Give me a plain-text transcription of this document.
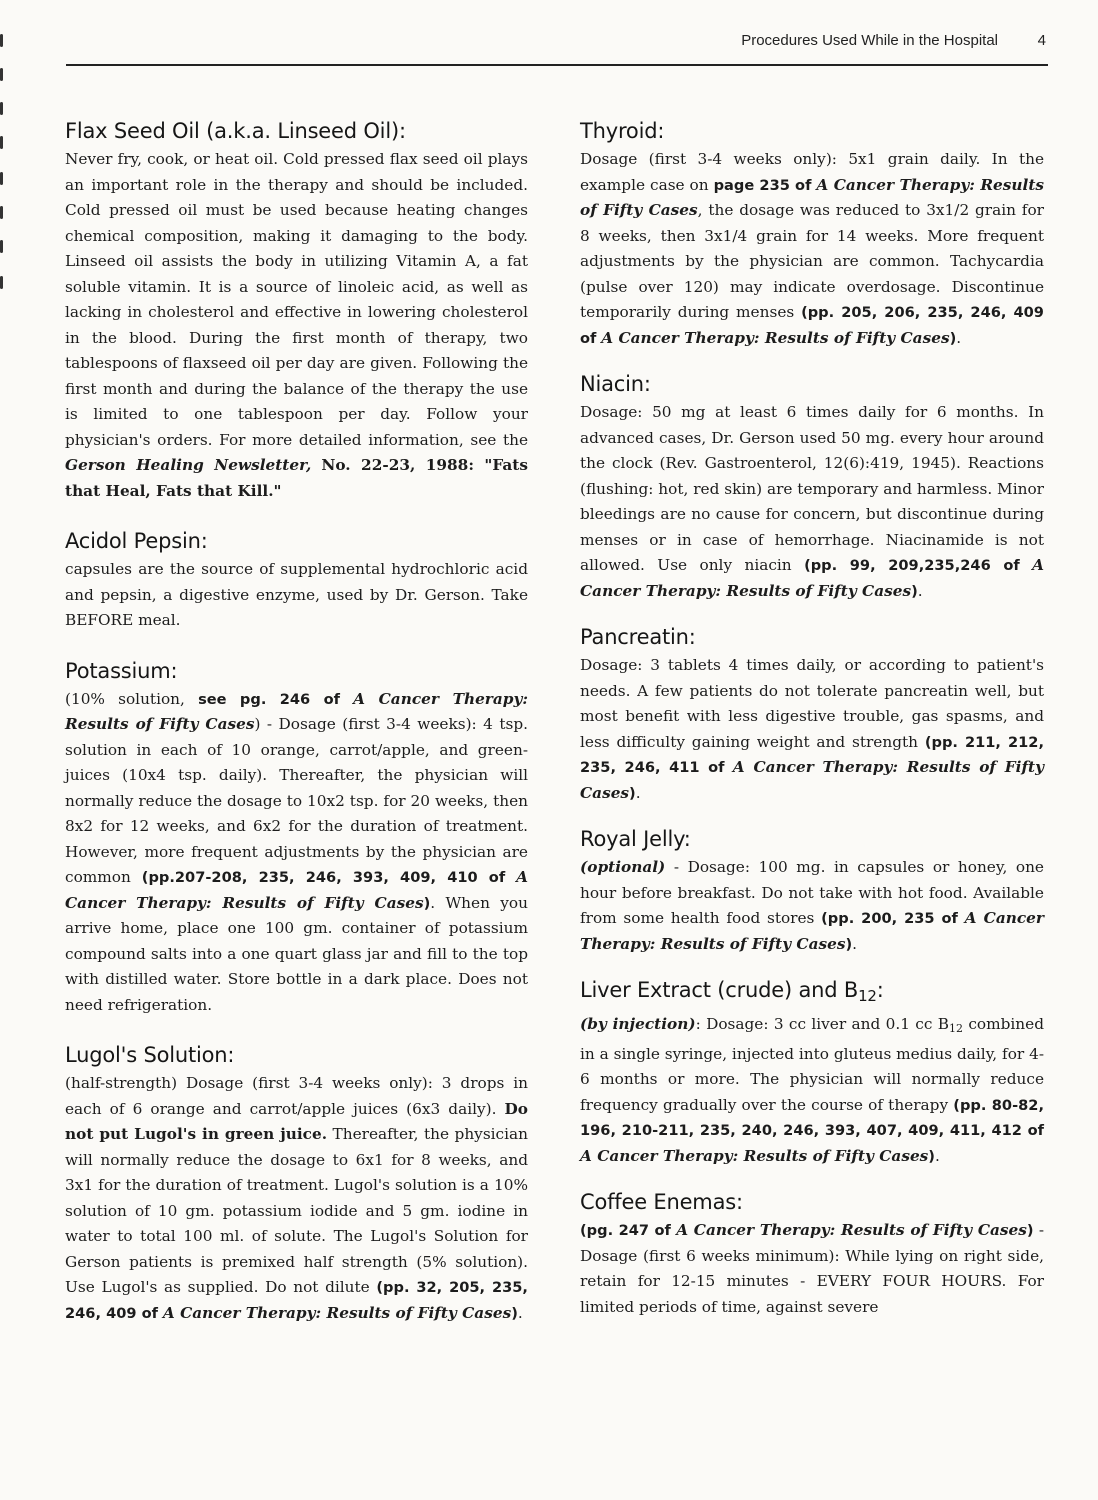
Procedures Used While in the Hospital	4
Flax Seed Oil (a.k.a. Linseed Oil):

Never fry, cook, or heat oil. Cold pressed flax seed oil plays an important role in the therapy and should be included. Cold pressed oil must be used because heating changes chemical composition, making it damaging to the body. Linseed oil assists the body in utilizing Vitamin A, a fat soluble vitamin. It is a source of linoleic acid, as well as lacking in cholesterol and effective in lowering cholesterol in the blood. During the first month of therapy, two tablespoons of flaxseed oil per day are given. Following the first month and during the balance of the therapy the use is limited to one tablespoon per day. Follow your physician's orders. For more detailed information, see the Gerson Healing Newsletter, No. 22-23, 1988: "Fats that Heal, Fats that Kill."

Acidol Pepsin:

capsules are the source of supplemental hydrochloric acid and pepsin, a digestive enzyme, used by Dr. Gerson. Take BEFORE meal.

Potassium:

(10% solution, see pg. 246 of A Cancer Therapy: Results of Fifty Cases) - Dosage (first 3-4 weeks): 4 tsp. solution in each of 10 orange, carrot/apple, and green-juices (10x4 tsp. daily). Thereafter, the physician will normally reduce the dosage to 10x2 tsp. for 20 weeks, then 8x2 for 12 weeks, and 6x2 for the duration of treatment. However, more frequent adjustments by the physician are common (pp.207-208, 235, 246, 393, 409, 410 of A Cancer Therapy: Results of Fifty Cases). When you arrive home, place one 100 gm. container of potassium compound salts into a one quart glass jar and fill to the top with distilled water. Store bottle in a dark place. Does not need refrigeration.

Lugol's Solution:

(half-strength) Dosage (first 3-4 weeks only): 3 drops in each of 6 orange and carrot/apple juices (6x3 daily). Do not put Lugol's in green juice. Thereafter, the physician will normally reduce the dosage to 6x1 for 8 weeks, and 3x1 for the duration of treatment. Lugol's solution is a 10% solution of 10 gm. potassium iodide and 5 gm. iodine in water to total 100 ml. of solute. The Lugol's Solution for Gerson patients is premixed half strength (5% solution). Use Lugol's as supplied. Do not dilute (pp. 32, 205, 235, 246, 409 of A Cancer Therapy: Results of Fifty Cases).

Thyroid:

Dosage (first 3-4 weeks only): 5x1 grain daily. In the example case on page 235 of A Cancer Therapy: Results of Fifty Cases, the dosage was reduced to 3x1/2 grain for 8 weeks, then 3x1/4 grain for 14 weeks. More frequent adjustments by the physician are common. Tachycardia (pulse over 120) may indicate overdosage. Discontinue temporarily during menses (pp. 205, 206, 235, 246, 409 of A Cancer Therapy: Results of Fifty Cases).

Niacin:

Dosage: 50 mg at least 6 times daily for 6 months. In advanced cases, Dr. Gerson used 50 mg. every hour around the clock (Rev. Gastroenterol, 12(6):419, 1945). Reactions (flushing: hot, red skin) are temporary and harmless. Minor bleedings are no cause for concern, but discontinue during menses or in case of hemorrhage. Niacinamide is not allowed. Use only niacin (pp. 99, 209,235,246 of A Cancer Therapy: Results of Fifty Cases).

Pancreatin:

Dosage: 3 tablets 4 times daily, or according to patient's needs. A few patients do not tolerate pancreatin well, but most benefit with less digestive trouble, gas spasms, and less difficulty gaining weight and strength (pp. 211, 212, 235, 246, 411 of A Cancer Therapy: Results of Fifty Cases).

Royal Jelly:

(optional) - Dosage: 100 mg. in capsules or honey, one hour before breakfast. Do not take with hot food. Available from some health food stores (pp. 200, 235 of A Cancer Therapy: Results of Fifty Cases).

Liver Extract (crude) and B12:

(by injection): Dosage: 3 cc liver and 0.1 cc $B_{12}$ combined in a single syringe, injected into gluteus medius daily, for 4-6 months or more. The physician will normally reduce frequency gradually over the course of therapy (pp. 80-82, 196, 210-211, 235, 240, 246, 393, 407, 409, 411, 412 of A Cancer Therapy: Results of Fifty Cases).

Coffee Enemas:

(pg. 247 of A Cancer Therapy: Results of Fifty Cases) - Dosage (first 6 weeks minimum): While lying on right side, retain for 12-15 minutes - EVERY FOUR HOURS. For limited periods of time, against severe
